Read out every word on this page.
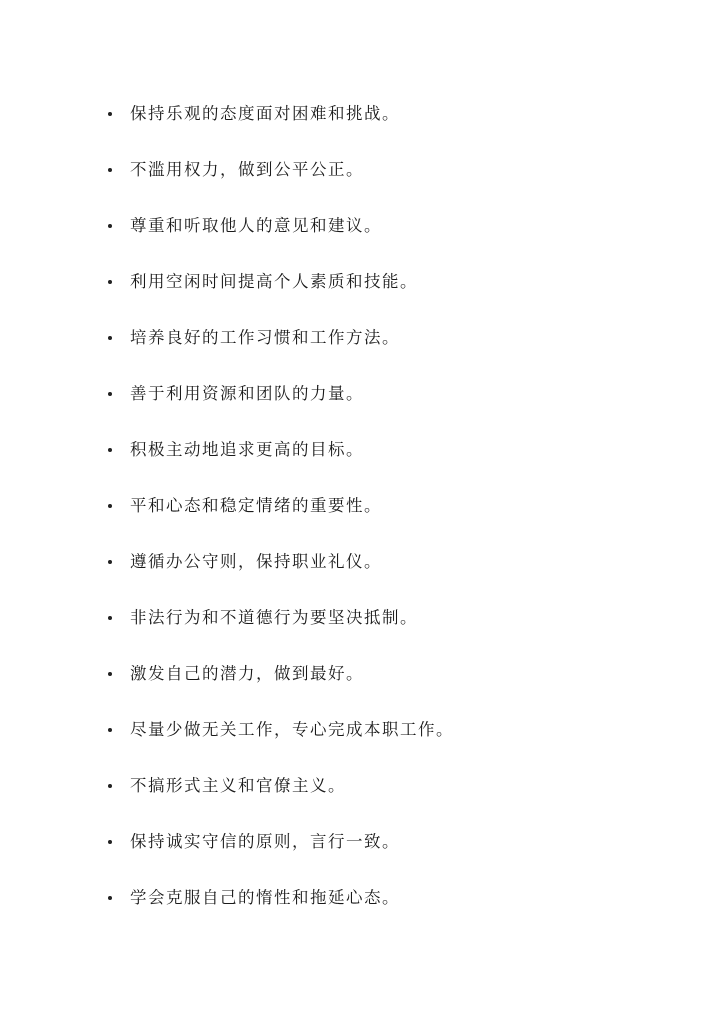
保持乐观的态度面对困难和挑战。
不滥用权力，做到公平公正。
尊重和听取他人的意见和建议。
利用空闲时间提高个人素质和技能。
培养良好的工作习惯和工作方法。
善于利用资源和团队的力量。
积极主动地追求更高的目标。
平和心态和稳定情绪的重要性。
遵循办公守则，保持职业礼仪。
非法行为和不道德行为要坚决抵制。
激发自己的潜力，做到最好。
尽量少做无关工作，专心完成本职工作。
不搞形式主义和官僚主义。
保持诚实守信的原则，言行一致。
学会克服自己的惰性和拖延心态。
